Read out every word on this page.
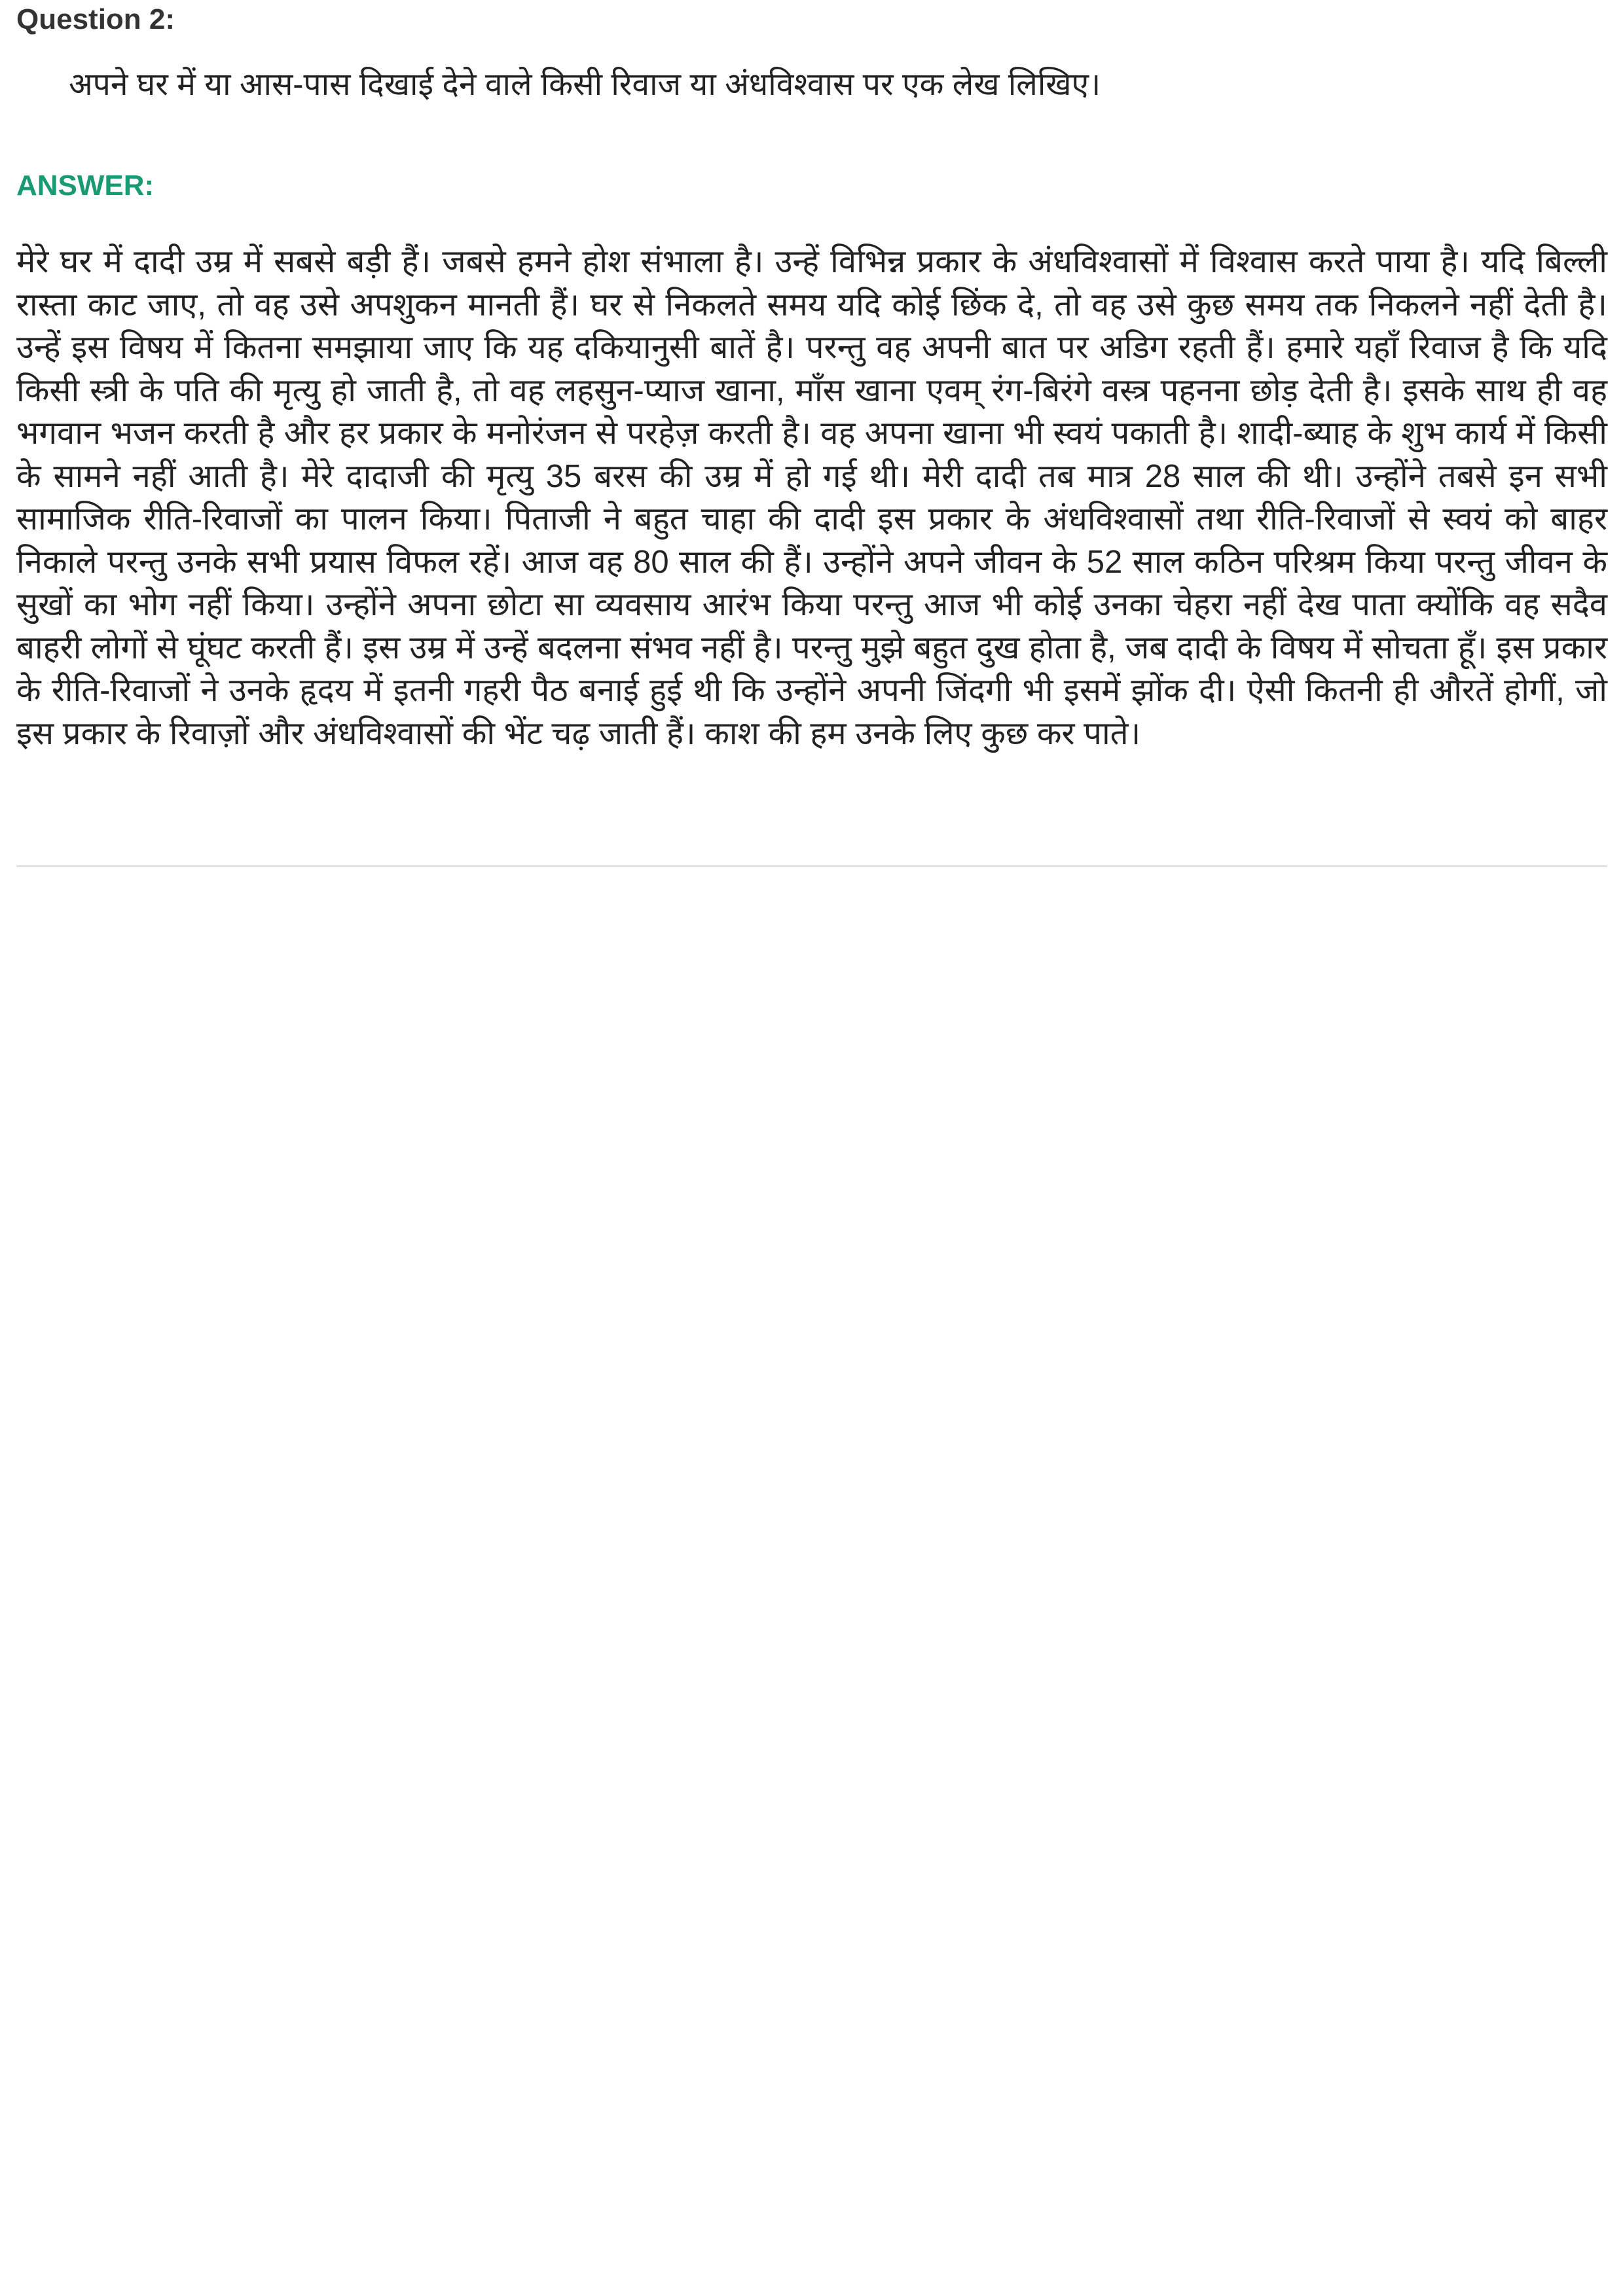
Question 2:

अपने घर में या आस-पास दिखाई देने वाले किसी रिवाज या अंधविश्वास पर एक लेख लिखिए।

ANSWER:

मेरे घर में दादी उम्र में सबसे बड़ी हैं। जबसे हमने होश संभाला है। उन्हें विभिन्न प्रकार के अंधविश्वासों में विश्वास करते पाया है। यदि बिल्ली रास्ता काट जाए, तो वह उसे अपशुकन मानती हैं। घर से निकलते समय यदि कोई छिंक दे, तो वह उसे कुछ समय तक निकलने नहीं देती है। उन्हें इस विषय में कितना समझाया जाए कि यह दकियानुसी बातें है। परन्तु वह अपनी बात पर अडिग रहती हैं। हमारे यहाँ रिवाज है कि यदि किसी स्त्री के पति की मृत्यु हो जाती है, तो वह लहसुन-प्याज खाना, माँस खाना एवम् रंग-बिरंगे वस्त्र पहनना छोड़ देती है। इसके साथ ही वह भगवान भजन करती है और हर प्रकार के मनोरंजन से परहेज़ करती है। वह अपना खाना भी स्वयं पकाती है। शादी-ब्याह के शुभ कार्य में किसी के सामने नहीं आती है। मेरे दादाजी की मृत्यु 35 बरस की उम्र में हो गई थी। मेरी दादी तब मात्र 28 साल की थी। उन्होंने तबसे इन सभी सामाजिक रीति-रिवाजों का पालन किया। पिताजी ने बहुत चाहा की दादी इस प्रकार के अंधविश्वासों तथा रीति-रिवाजों से स्वयं को बाहर निकाले परन्तु उनके सभी प्रयास विफल रहें। आज वह 80 साल की हैं। उन्होंने अपने जीवन के 52 साल कठिन परिश्रम किया परन्तु जीवन के सुखों का भोग नहीं किया। उन्होंने अपना छोटा सा व्यवसाय आरंभ किया परन्तु आज भी कोई उनका चेहरा नहीं देख पाता क्योंकि वह सदैव बाहरी लोगों से घूंघट करती हैं। इस उम्र में उन्हें बदलना संभव नहीं है। परन्तु मुझे बहुत दुख होता है, जब दादी के विषय में सोचता हूँ। इस प्रकार के रीति-रिवाजों ने उनके हृदय में इतनी गहरी पैठ बनाई हुई थी कि उन्होंने अपनी जिंदगी भी इसमें झोंक दी। ऐसी कितनी ही औरतें होगीं, जो इस प्रकार के रिवाज़ों और अंधविश्वासों की भेंट चढ़ जाती हैं। काश की हम उनके लिए कुछ कर पाते।
